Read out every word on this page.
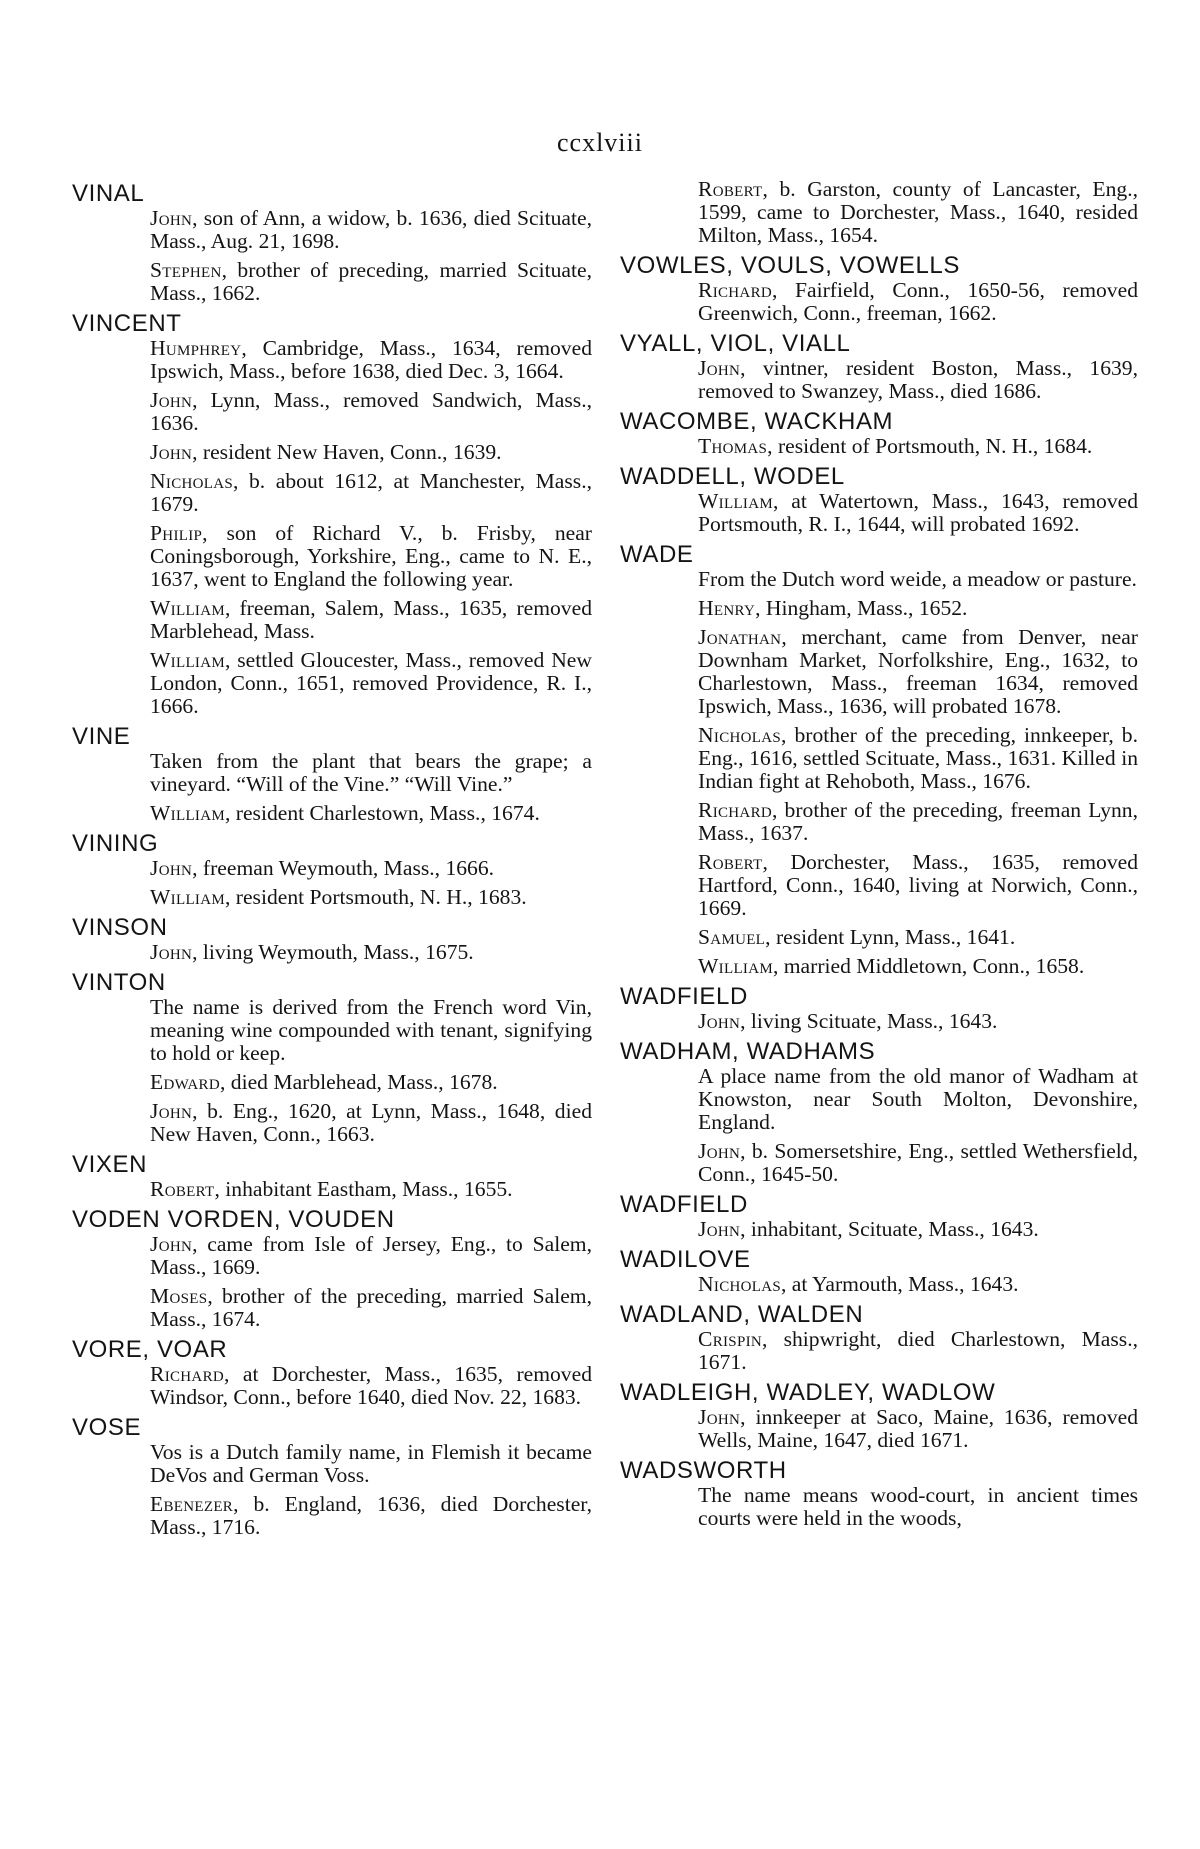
ccxlviii
VINAL
John, son of Ann, a widow, b. 1636, died Scituate, Mass., Aug. 21, 1698.
Stephen, brother of preceding, married Scituate, Mass., 1662.
VINCENT
Humphrey, Cambridge, Mass., 1634, removed Ipswich, Mass., before 1638, died Dec. 3, 1664.
John, Lynn, Mass., removed Sandwich, Mass., 1636.
John, resident New Haven, Conn., 1639.
Nicholas, b. about 1612, at Manchester, Mass., 1679.
Philip, son of Richard V., b. Frisby, near Coningsborough, Yorkshire, Eng., came to N. E., 1637, went to England the following year.
William, freeman, Salem, Mass., 1635, removed Marblehead, Mass.
William, settled Gloucester, Mass., removed New London, Conn., 1651, removed Providence, R. I., 1666.
VINE
Taken from the plant that bears the grape; a vineyard. “Will of the Vine.” “Will Vine.”
William, resident Charlestown, Mass., 1674.
VINING
John, freeman Weymouth, Mass., 1666.
William, resident Portsmouth, N. H., 1683.
VINSON
John, living Weymouth, Mass., 1675.
VINTON
The name is derived from the French word Vin, meaning wine compounded with tenant, signifying to hold or keep.
Edward, died Marblehead, Mass., 1678.
John, b. Eng., 1620, at Lynn, Mass., 1648, died New Haven, Conn., 1663.
VIXEN
Robert, inhabitant Eastham, Mass., 1655.
VODEN VORDEN, VOUDEN
John, came from Isle of Jersey, Eng., to Salem, Mass., 1669.
Moses, brother of the preceding, married Salem, Mass., 1674.
VORE, VOAR
Richard, at Dorchester, Mass., 1635, removed Windsor, Conn., before 1640, died Nov. 22, 1683.
VOSE
Vos is a Dutch family name, in Flemish it became DeVos and German Voss.
Ebenezer, b. England, 1636, died Dorchester, Mass., 1716.
Robert, b. Garston, county of Lancaster, Eng., 1599, came to Dorchester, Mass., 1640, resided Milton, Mass., 1654.
VOWLES, VOULS, VOWELLS
Richard, Fairfield, Conn., 1650-56, removed Greenwich, Conn., freeman, 1662.
VYALL, VIOL, VIALL
John, vintner, resident Boston, Mass., 1639, removed to Swanzey, Mass., died 1686.
WACOMBE, WACKHAM
Thomas, resident of Portsmouth, N. H., 1684.
WADDELL, WODEL
William, at Watertown, Mass., 1643, removed Portsmouth, R. I., 1644, will probated 1692.
WADE
From the Dutch word weide, a meadow or pasture.
Henry, Hingham, Mass., 1652.
Jonathan, merchant, came from Denver, near Downham Market, Norfolkshire, Eng., 1632, to Charlestown, Mass., freeman 1634, removed Ipswich, Mass., 1636, will probated 1678.
Nicholas, brother of the preceding, innkeeper, b. Eng., 1616, settled Scituate, Mass., 1631. Killed in Indian fight at Rehoboth, Mass., 1676.
Richard, brother of the preceding, freeman Lynn, Mass., 1637.
Robert, Dorchester, Mass., 1635, removed Hartford, Conn., 1640, living at Norwich, Conn., 1669.
Samuel, resident Lynn, Mass., 1641.
William, married Middletown, Conn., 1658.
WADFIELD
John, living Scituate, Mass., 1643.
WADHAM, WADHAMS
A place name from the old manor of Wadham at Knowston, near South Molton, Devonshire, England.
John, b. Somersetshire, Eng., settled Wethersfield, Conn., 1645-50.
WADFIELD
John, inhabitant, Scituate, Mass., 1643.
WADILOVE
Nicholas, at Yarmouth, Mass., 1643.
WADLAND, WALDEN
Crispin, shipwright, died Charlestown, Mass., 1671.
WADLEIGH, WADLEY, WADLOW
John, innkeeper at Saco, Maine, 1636, removed Wells, Maine, 1647, died 1671.
WADSWORTH
The name means wood-court, in ancient times courts were held in the woods,
